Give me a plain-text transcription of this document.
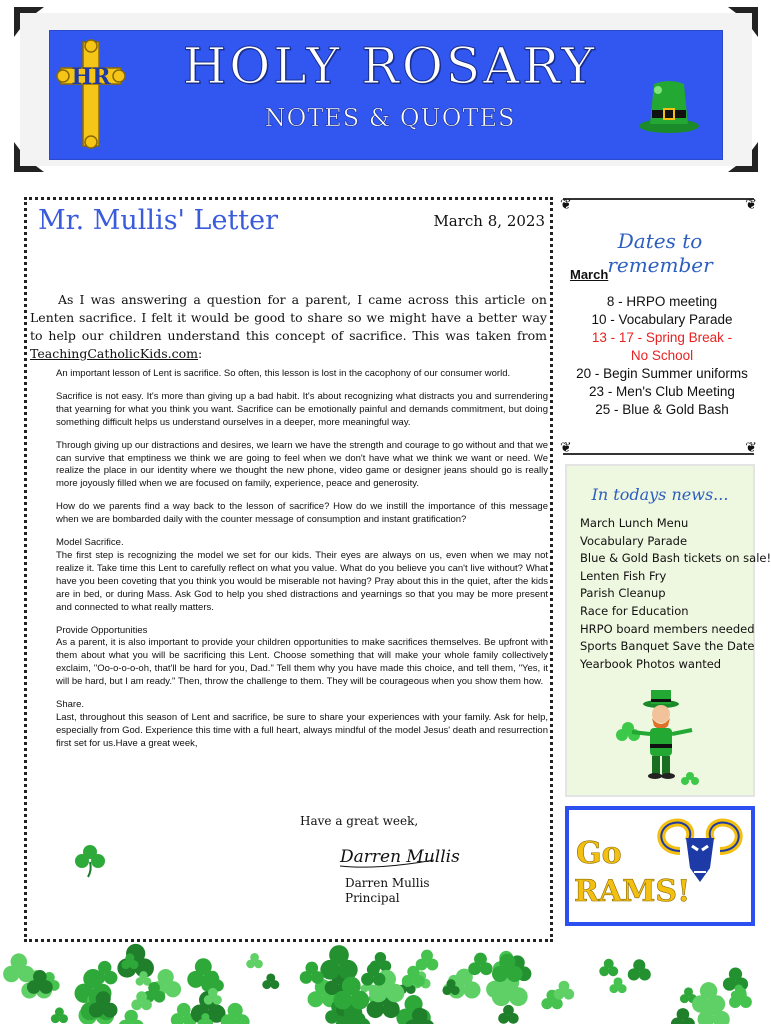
HR HOLY ROSARY
NOTES & QUOTES
Mr. Mullis' Letter	March 8, 2023
As I was answering a question for a parent, I came across this article on Lenten sacrifice. I felt it would be good to share so we might have a better way to help our children understand this concept of sacrifice. This was taken from TeachingCatholicKids.com:

An important lesson of Lent is sacrifice. So often, this lesson is lost in the cacophony of our consumer world.

Sacrifice is not easy. It's more than giving up a bad habit. It's about recognizing what distracts you and surrendering that yearning for what you think you want. Sacrifice can be emotionally painful and demands commitment, but doing something difficult helps us understand ourselves in a deeper, more meaningful way.

Through giving up our distractions and desires, we learn we have the strength and courage to go without and that we can survive that emptiness we think we are going to feel when we don't have what we think we want or need. We realize the place in our identity where we thought the new phone, video game or designer jeans should go is really more joyously filled when we are focused on family, experience, peace and generosity.

How do we parents find a way back to the lesson of sacrifice? How do we instill the importance of this message when we are bombarded daily with the counter message of consumption and instant gratification?

Model Sacrifice.
The first step is recognizing the model we set for our kids. Their eyes are always on us, even when we may not realize it. Take time this Lent to carefully reflect on what you value. What do you believe you can't live without? What have you been coveting that you think you would be miserable not having? Pray about this in the quiet, after the kids are in bed, or during Mass. Ask God to help you shed distractions and yearnings so that you may be more present and connected to what really matters.

Provide Opportunities
As a parent, it is also important to provide your children opportunities to make sacrifices themselves. Be upfront with them about what you will be sacrificing this Lent. Choose something that will make your whole family collectively exclaim, "Oo-o-o-o-oh, that'll be hard for you, Dad." Tell them why you have made this choice, and tell them, "Yes, it will be hard, but I am ready." Then, throw the challenge to them. They will be courageous when you show them how.

Share.
Last, throughout this season of Lent and sacrifice, be sure to share your experiences with your family. Ask for help, especially from God. Experience this time with a full heart, always mindful of the model Jesus' death and resurrection first set for us.Have a great week,

Have a great week,
Darren Mullis
Darren Mullis
Principal
❦	❦
❦	❦
Dates to remember
March
8 - HRPO meeting
10 - Vocabulary Parade
13 - 17 - Spring Break -
No School
20 - Begin Summer uniforms
23 - Men's Club Meeting
25 - Blue & Gold Bash
In todays news...
March Lunch Menu
Vocabulary Parade
Blue & Gold Bash tickets on sale!
Lenten Fish Fry
Parish Cleanup
Race for Education
HRPO board members needed
Sports Banquet Save the Date
Yearbook Photos wanted
Go
RAMS!
